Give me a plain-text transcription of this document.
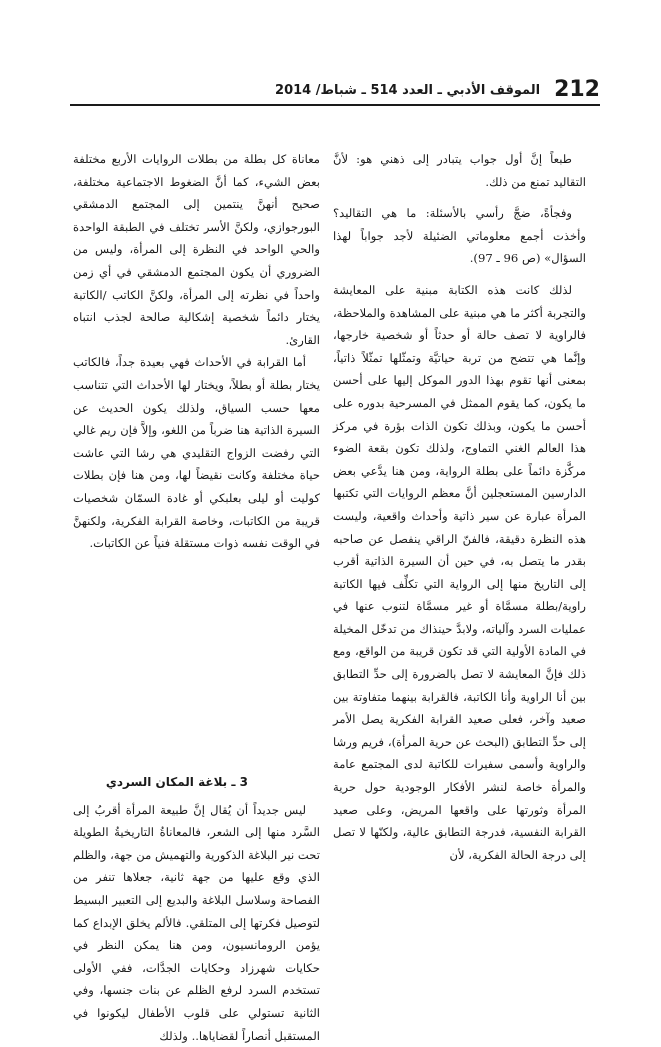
212
الموقف الأدبي ـ العدد 514 ـ شباط/ 2014

طبعاً إنَّ أول جواب يتبادر إلى ذهني هو: لأنَّ التقاليد تمنع من ذلك.

وفجأةً، ضجَّ رأسي بالأسئلة: ما هي التقاليد؟ وأخذت أجمع معلوماتي الضئيلة لأجد جواباً لهذا السؤال» (ص 96 ـ 97).

لذلك كانت هذه الكتابة مبنية على المعايشة والتجربة أكثر ما هي مبنية على المشاهدة والملاحظة، فالراوية لا تصف حالة أو حدثاً أو شخصية خارجها، وإنَّما هي تتضح من تربة حياتيَّة وتمثّلها تمثّلاً ذاتياً، بمعنى أنها تقوم بهذا الدور الموكل إليها على أحسن ما يكون، كما يقوم الممثل في المسرحية بدوره على أحسن ما يكون، وبذلك تكون الذات بؤرة في مركز هذا العالم الغني التماوج، ولذلك تكون بقعة الضوء مركَّزة دائماً على بطلة الرواية، ومن هنا يدَّعي بعض الدارسين المستعجلين أنَّ معظم الروايات التي تكتبها المرأة عبارة عن سير ذاتية وأحداث واقعية، وليست هذه النظرة دقيقة، فالفنّ الراقي ينفصل عن صاحبه بقدر ما يتصل به، في حين أن السيرة الذاتية أقرب إلى التاريخ منها إلى الرواية التي تكلِّف فيها الكاتبة راوية/بطلة مسمَّاة أو غير مسمَّاة لتنوب عنها في عمليات السرد وآلياته، ولابدَّ حينذاك من تدخّل المخيلة في المادة الأولية التي قد تكون قريبة من الواقع، ومع ذلك فإنَّ المعايشة لا تصل بالضرورة إلى حدِّ التطابق بين أنا الراوية وأنا الكاتبة، فالقرابة بينهما متفاوتة بين صعيد وآخر، فعلى صعيد القرابة الفكرية يصل الأمر إلى حدِّ التطابق (البحث عن حرية المرأة)، فريم ورشا والراوية وأسمى سفيرات للكاتبة لدى المجتمع عامة والمرأة خاصة لنشر الأفكار الوجودية حول حرية المرأة وثورتها على واقعها المريض، وعلى صعيد القرابة النفسية، فدرجة التطابق عالية، ولكنّها لا تصل إلى درجة الحالة الفكرية، لأن

معاناة كل بطلة من بطلات الروايات الأربع مختلفة بعض الشيء، كما أنَّ الضغوط الاجتماعية مختلفة، صحيح أنهنَّ ينتمين إلى المجتمع الدمشقي البورجوازي، ولكنَّ الأسر تختلف في الطبقة الواحدة والحي الواحد في النظرة إلى المرأة، وليس من الضروري أن يكون المجتمع الدمشقي في أي زمن واحداً في نظرته إلى المرأة، ولكنَّ الكاتب /الكاتبة يختار دائماً شخصية إشكالية صالحة لجذب انتباه القارئ.

أما القرابة في الأحداث فهي بعيدة جداً، فالكاتب يختار بطلة أو بطلاً، ويختار لها الأحداث التي تتناسب معها حسب السياق، ولذلك يكون الحديث عن السيرة الذاتية هنا ضرباً من اللغو، وإلاَّ فإن ريم غالي التي رفضت الزواج التقليدي هي رشا التي عاشت حياة مختلفة وكانت نقيضاً لها، ومن هنا فإن بطلات كوليت أو ليلى بعلبكي أو غادة السمّان شخصيات قريبة من الكاتبات، وخاصة القرابة الفكرية، ولكنهنَّ في الوقت نفسه ذوات مستقلة فنياً عن الكاتبات.

3 ـ بلاغة المكان السردي

ليس جديداً أن يُقال إنَّ طبيعة المرأة أقربُ إلى السَّرد منها إلى الشعر، فالمعاناةُ التاريخيةُ الطويلة تحت نير البلاغة الذكورية والتهميش من جهة، والظلم الذي وقع عليها من جهة ثانية، جعلاها تنفر من الفصاحة وسلاسل البلاغة والبديع إلى التعبير البسيط لتوصيل فكرتها إلى المتلقي. فالألم يخلق الإبداع كما يؤمن الرومانسيون، ومن هنا يمكن النظر في حكايات شهرزاد وحكايات الجدَّات، ففي الأولى تستخدم السرد لرفع الظلم عن بنات جنسها، وفي الثانية تستولي على قلوب الأطفال ليكونوا في المستقبل أنصاراً لقضاياها.. ولذلك
